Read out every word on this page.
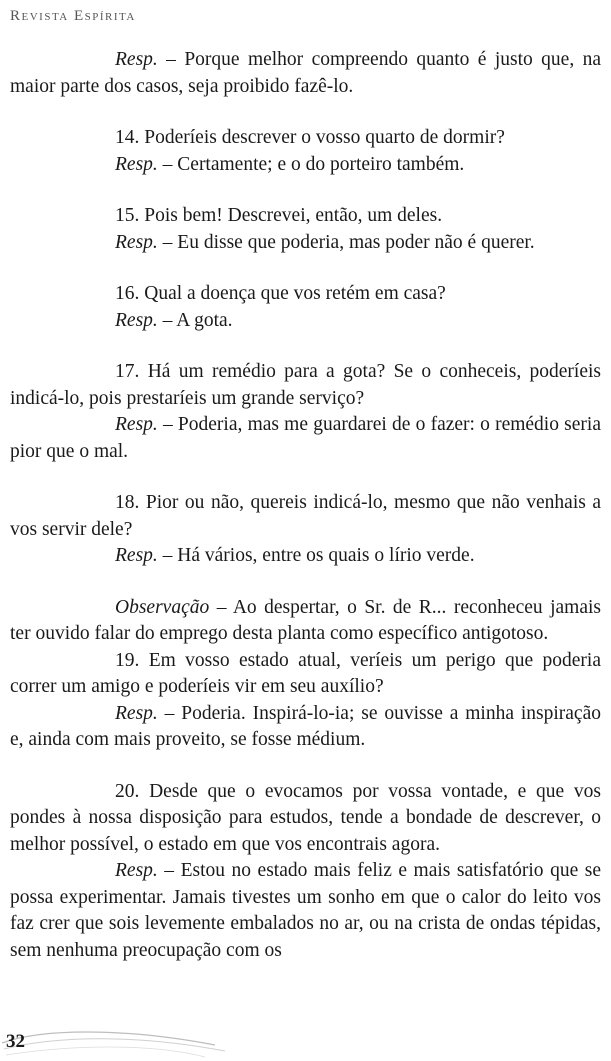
Revista Espírita

Resp. – Porque melhor compreendo quanto é justo que, na maior parte dos casos, seja proibido fazê-lo.

14. Poderíeis descrever o vosso quarto de dormir?

Resp. – Certamente; e o do porteiro também.

15. Pois bem! Descrevei, então, um deles.

Resp. – Eu disse que poderia, mas poder não é querer.

16. Qual a doença que vos retém em casa?

Resp. – A gota.

17. Há um remédio para a gota? Se o conheceis, poderíeis indicá-lo, pois prestaríeis um grande serviço?

Resp. – Poderia, mas me guardarei de o fazer: o remédio seria pior que o mal.

18. Pior ou não, quereis indicá-lo, mesmo que não venhais a vos servir dele?

Resp. – Há vários, entre os quais o lírio verde.

Observação – Ao despertar, o Sr. de R... reconheceu jamais ter ouvido falar do emprego desta planta como específico antigotoso.

19. Em vosso estado atual, veríeis um perigo que poderia correr um amigo e poderíeis vir em seu auxílio?

Resp. – Poderia. Inspirá-lo-ia; se ouvisse a minha inspiração e, ainda com mais proveito, se fosse médium.

20. Desde que o evocamos por vossa vontade, e que vos pondes à nossa disposição para estudos, tende a bondade de descrever, o melhor possível, o estado em que vos encontrais agora.

Resp. – Estou no estado mais feliz e mais satisfatório que se possa experimentar. Jamais tivestes um sonho em que o calor do leito vos faz crer que sois levemente embalados no ar, ou na crista de ondas tépidas, sem nenhuma preocupação com os

32
